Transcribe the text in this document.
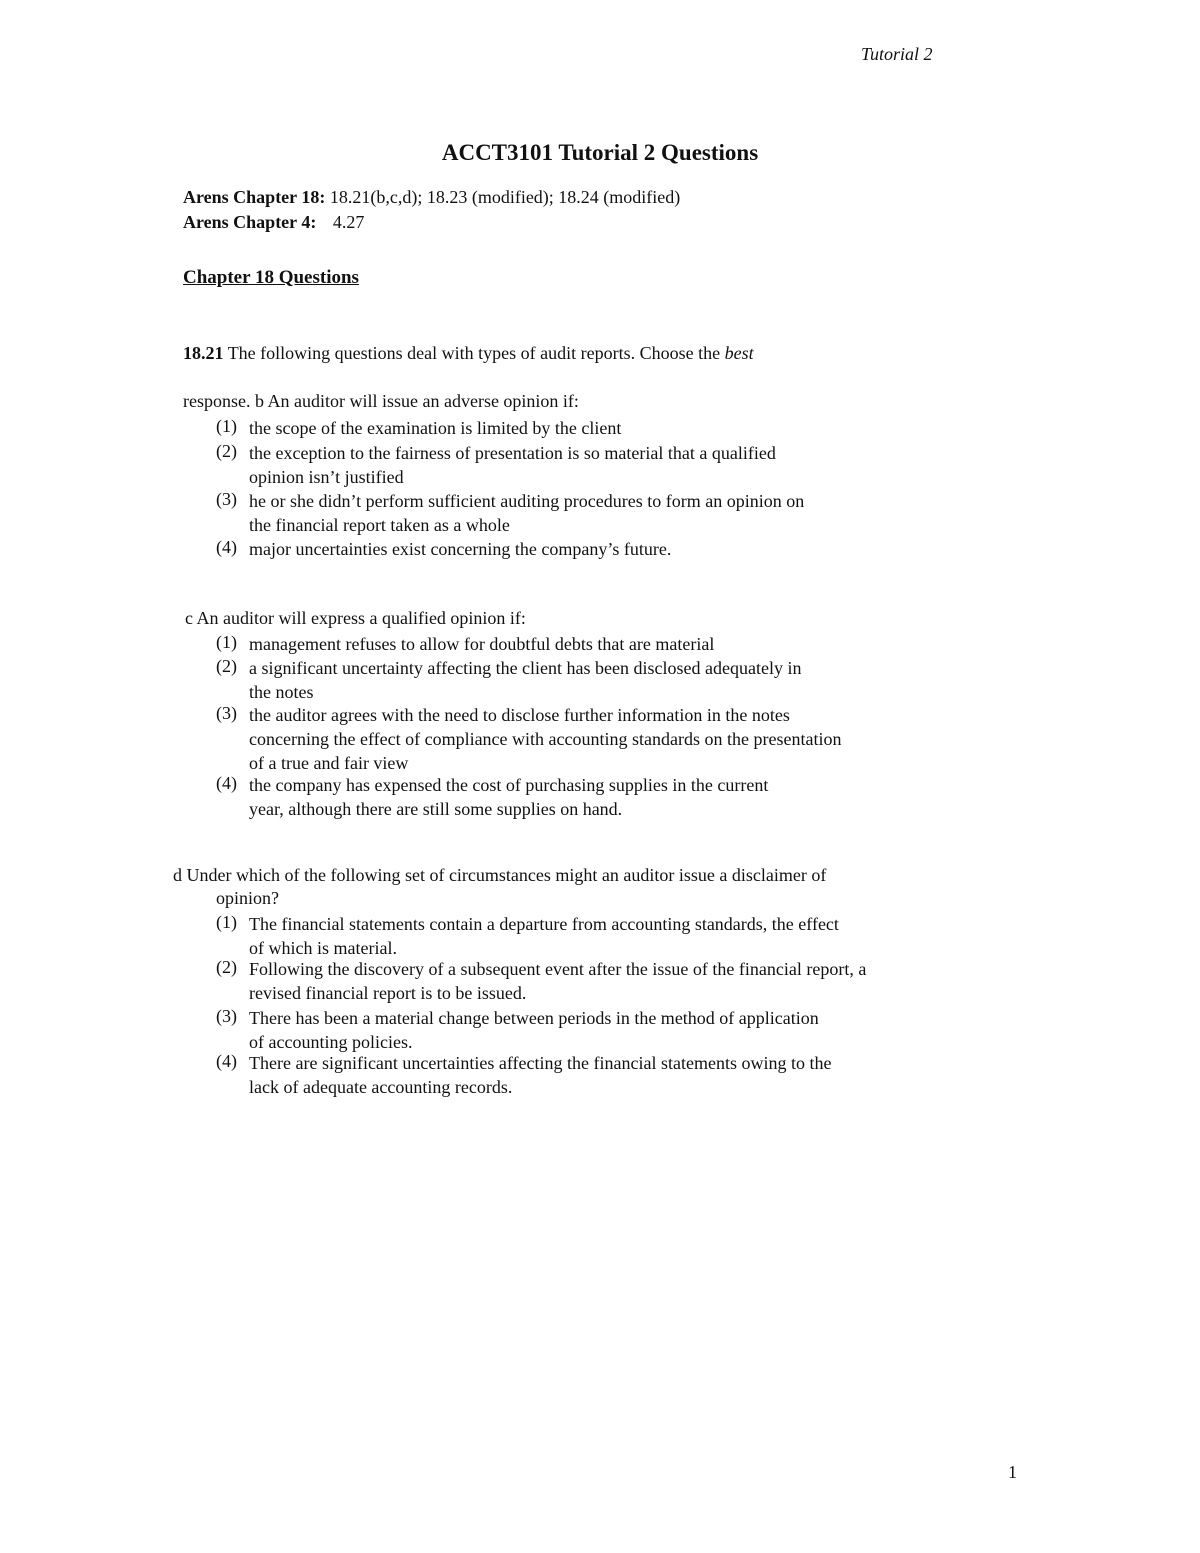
Tutorial 2
ACCT3101 Tutorial 2 Questions
Arens Chapter 18: 18.21(b,c,d); 18.23 (modified); 18.24 (modified)
Arens Chapter 4: 4.27
Chapter 18 Questions
18.21 The following questions deal with types of audit reports. Choose the best
response. b An auditor will issue an adverse opinion if:
(1) the scope of the examination is limited by the client
(2) the exception to the fairness of presentation is so material that a qualified
opinion isn’t justified
(3) he or she didn’t perform sufficient auditing procedures to form an opinion on
the financial report taken as a whole
(4) major uncertainties exist concerning the company’s future.
c An auditor will express a qualified opinion if:
(1) management refuses to allow for doubtful debts that are material
(2) a significant uncertainty affecting the client has been disclosed adequately in
the notes
(3) the auditor agrees with the need to disclose further information in the notes
concerning the effect of compliance with accounting standards on the presentation
of a true and fair view
(4) the company has expensed the cost of purchasing supplies in the current
year, although there are still some supplies on hand.
d Under which of the following set of circumstances might an auditor issue a disclaimer of
opinion?
(1) The financial statements contain a departure from accounting standards, the effect
of which is material.
(2) Following the discovery of a subsequent event after the issue of the financial report, a
revised financial report is to be issued.
(3) There has been a material change between periods in the method of application
of accounting policies.
(4) There are significant uncertainties affecting the financial statements owing to the
lack of adequate accounting records.
1
